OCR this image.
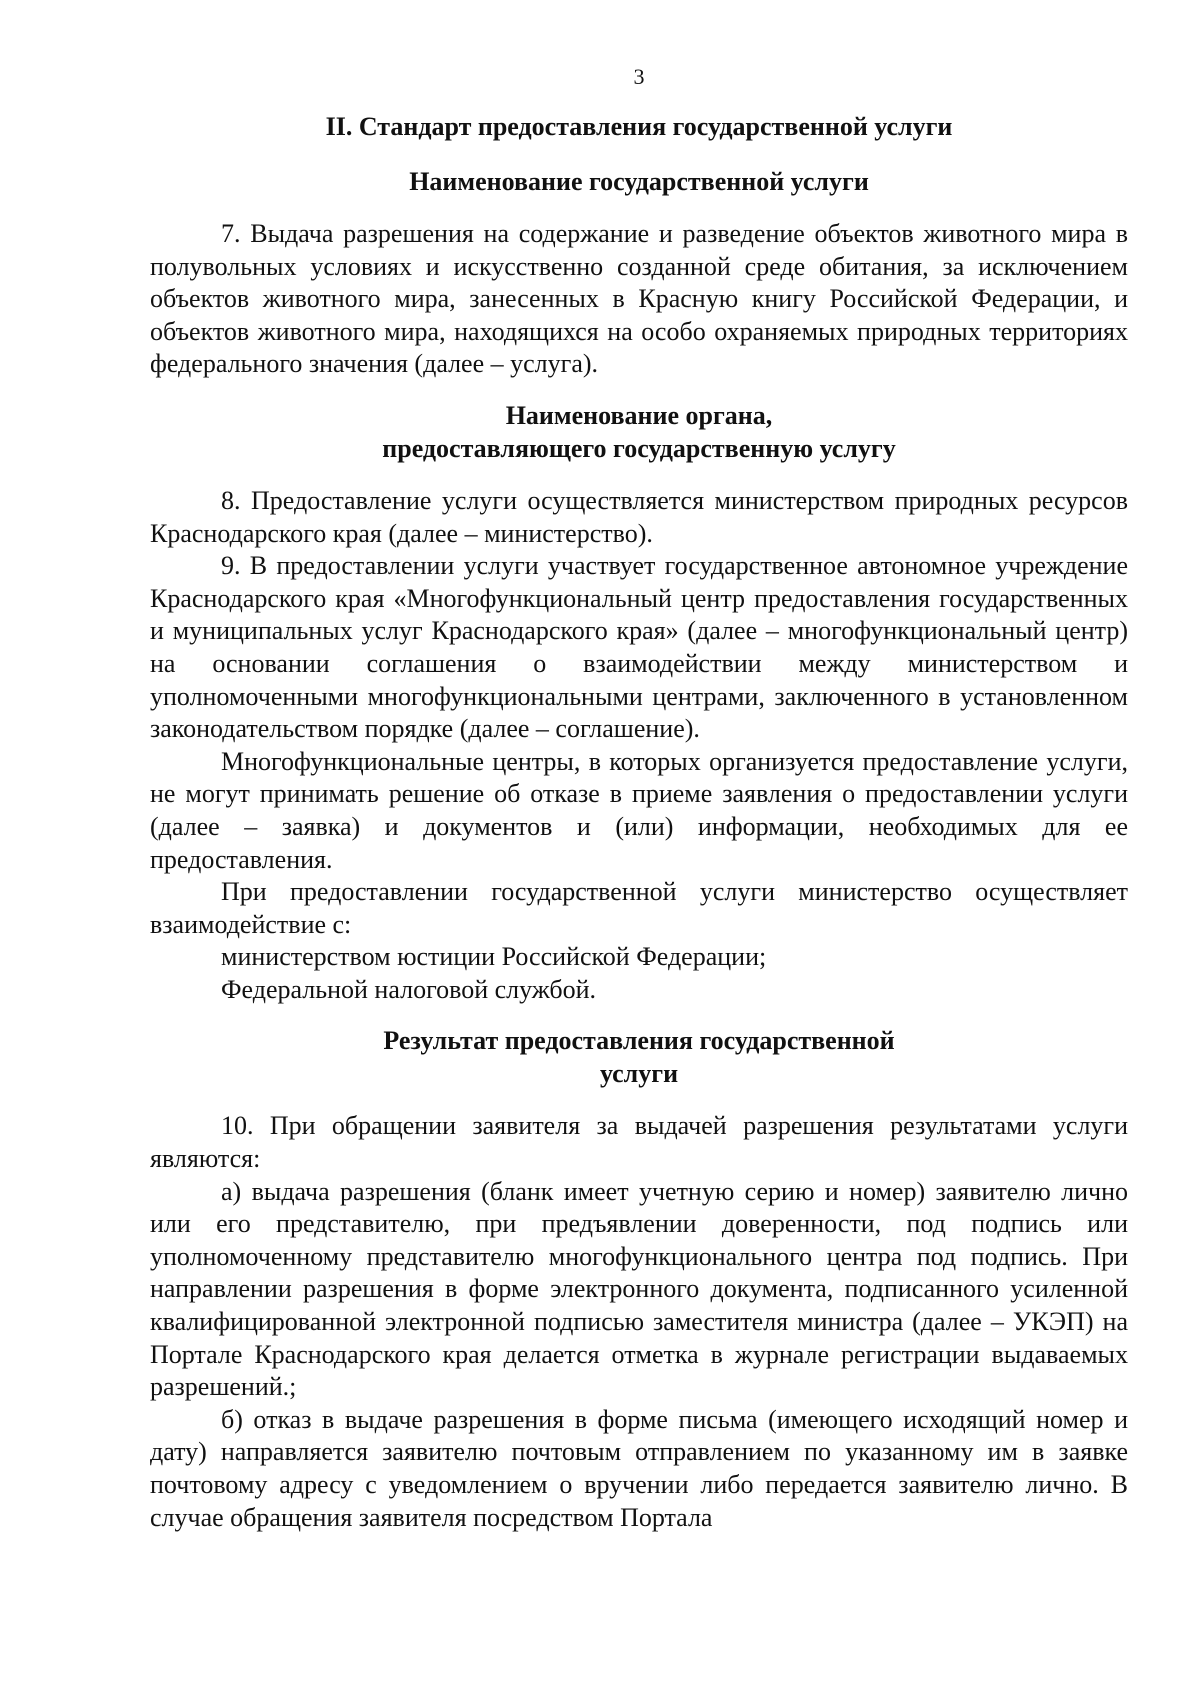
3
II. Стандарт предоставления государственной услуги
Наименование государственной услуги

7. Выдача разрешения на содержание и разведение объектов животного мира в полувольных условиях и искусственно созданной среде обитания, за исключением объектов животного мира, занесенных в Красную книгу Российской Федерации, и объектов животного мира, находящихся на особо охраняемых природных территориях федерального значения (далее – услуга).

Наименование органа,
предоставляющего государственную услугу

8. Предоставление услуги осуществляется министерством природных ресурсов Краснодарского края (далее – министерство).

9. В предоставлении услуги участвует государственное автономное учреждение Краснодарского края «Многофункциональный центр предоставления государственных и муниципальных услуг Краснодарского края» (далее – многофункциональный центр) на основании соглашения о взаимодействии между министерством и уполномоченными многофункциональными центрами, заключенного в установленном законодательством порядке (далее – соглашение).

Многофункциональные центры, в которых организуется предоставление услуги, не могут принимать решение об отказе в приеме заявления о предоставлении услуги (далее – заявка) и документов и (или) информации, необходимых для ее предоставления.

При предоставлении государственной услуги министерство осуществляет взаимодействие с:

министерством юстиции Российской Федерации;

Федеральной налоговой службой.

Результат предоставления государственной
услуги

10. При обращении заявителя за выдачей разрешения результатами услуги являются:

а) выдача разрешения (бланк имеет учетную серию и номер) заявителю лично или его представителю, при предъявлении доверенности, под подпись или уполномоченному представителю многофункционального центра под подпись. При направлении разрешения в форме электронного документа, подписанного усиленной квалифицированной электронной подписью заместителя министра (далее – УКЭП) на Портале Краснодарского края делается отметка в журнале регистрации выдаваемых разрешений.;

б) отказ в выдаче разрешения в форме письма (имеющего исходящий номер и дату) направляется заявителю почтовым отправлением по указанному им в заявке почтовому адресу с уведомлением о вручении либо передается заявителю лично. В случае обращения заявителя посредством Портала
